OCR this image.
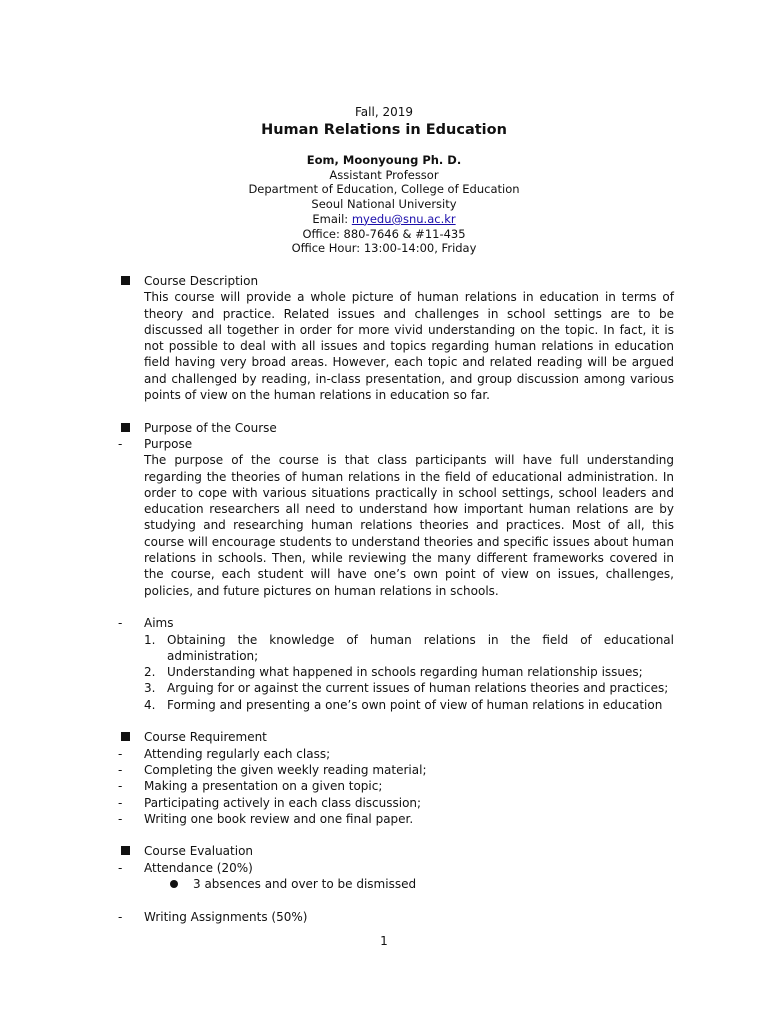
Fall, 2019
Human Relations in Education
Eom, Moonyoung Ph. D.
Assistant Professor
Department of Education, College of Education
Seoul National University
Email: myedu@snu.ac.kr
Office: 880-7646 & #11-435
Office Hour: 13:00-14:00, Friday
Course Description
This course will provide a whole picture of human relations in education in terms of theory and practice. Related issues and challenges in school settings are to be discussed all together in order for more vivid understanding on the topic. In fact, it is not possible to deal with all issues and topics regarding human relations in education field having very broad areas. However, each topic and related reading will be argued and challenged by reading, in-class presentation, and group discussion among various points of view on the human relations in education so far.
Purpose of the Course
- Purpose
The purpose of the course is that class participants will have full understanding regarding the theories of human relations in the field of educational administration. In order to cope with various situations practically in school settings, school leaders and education researchers all need to understand how important human relations are by studying and researching human relations theories and practices. Most of all, this course will encourage students to understand theories and specific issues about human relations in schools. Then, while reviewing the many different frameworks covered in the course, each student will have one’s own point of view on issues, challenges, policies, and future pictures on human relations in schools.
- Aims
1. Obtaining the knowledge of human relations in the field of educational administration;
2. Understanding what happened in schools regarding human relationship issues;
3. Arguing for or against the current issues of human relations theories and practices;
4. Forming and presenting a one’s own point of view of human relations in education
Course Requirement
- Attending regularly each class;
- Completing the given weekly reading material;
- Making a presentation on a given topic;
- Participating actively in each class discussion;
- Writing one book review and one final paper.
Course Evaluation
- Attendance (20%)
3 absences and over to be dismissed
- Writing Assignments (50%)
1
